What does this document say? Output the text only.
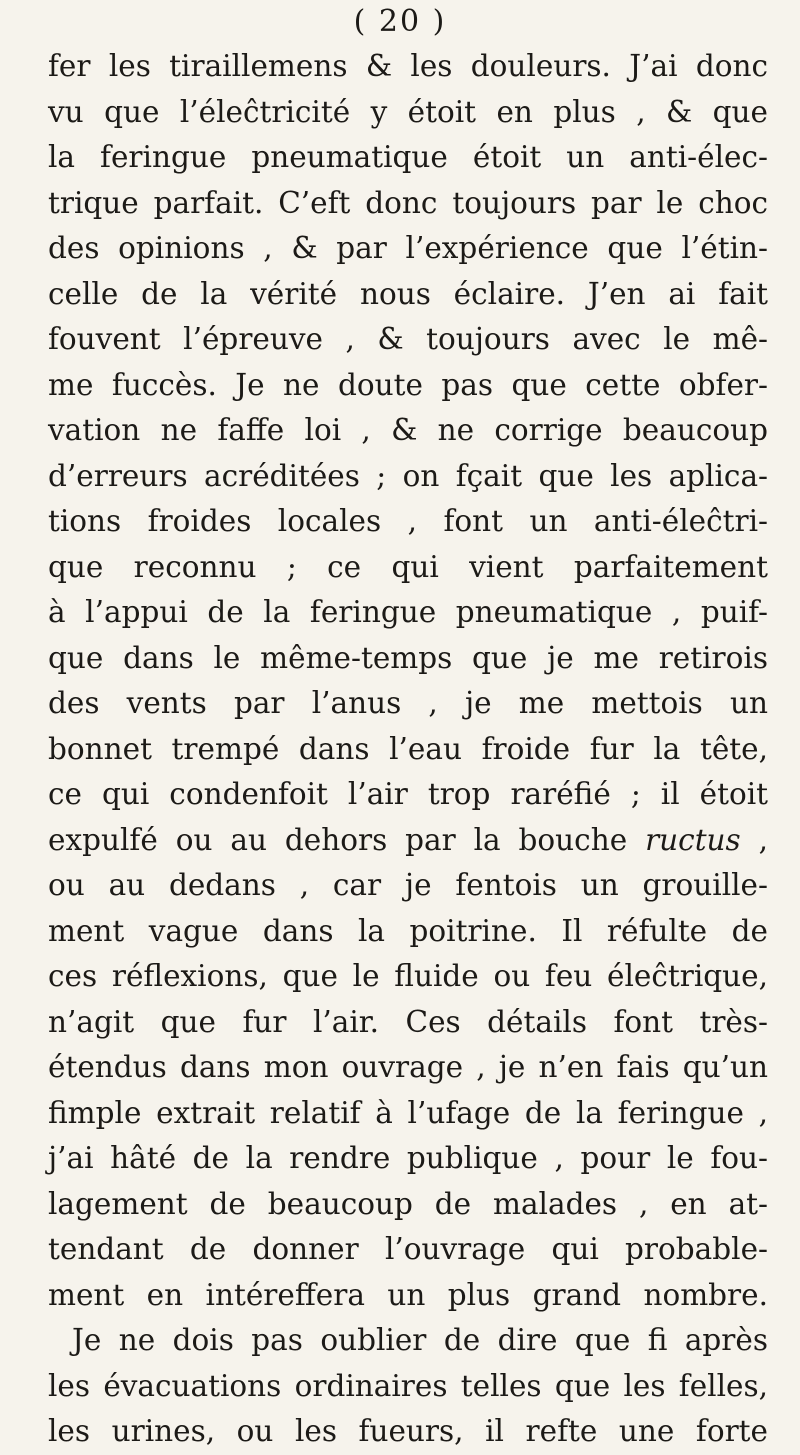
( 20 )
fer les tiraillemens & les douleurs. J’ai donc
vu que l’éleĉtricité y étoit en plus , & que
la feringue pneumatique étoit un anti-élec-
trique parfait. C’eft donc toujours par le choc
des opinions , & par l’expérience que l’étin-
celle de la vérité nous éclaire. J’en ai fait
fouvent l’épreuve , & toujours avec le mê-
me fuccès. Je ne doute pas que cette obfer-
vation ne faffe loi , & ne corrige beaucoup
d’erreurs acréditées ; on fçait que les aplica-
tions froides locales , font un anti-éleĉtri-
que reconnu ; ce qui vient parfaitement
à l’appui de la feringue pneumatique , puif-
que dans le même-temps que je me retirois
des vents par l’anus , je me mettois un
bonnet trempé dans l’eau froide fur la tête,
ce qui condenfoit l’air trop raréfié ; il étoit
expulfé ou au dehors par la bouche ructus ,
ou au dedans , car je fentois un grouille-
ment vague dans la poitrine. Il réfulte de
ces réflexions, que le fluide ou feu éleĉtrique,
n’agit que fur l’air. Ces détails font très-
étendus dans mon ouvrage , je n’en fais qu’un
fimple extrait relatif à l’ufage de la feringue ,
j’ai hâté de la rendre publique , pour le fou-
lagement de beaucoup de malades , en at-
tendant de donner l’ouvrage qui probable-
ment en intéreffera un plus grand nombre.
Je ne dois pas oublier de dire que fi après
les évacuations ordinaires telles que les felles,
les urines, ou les fueurs, il refte une forte
